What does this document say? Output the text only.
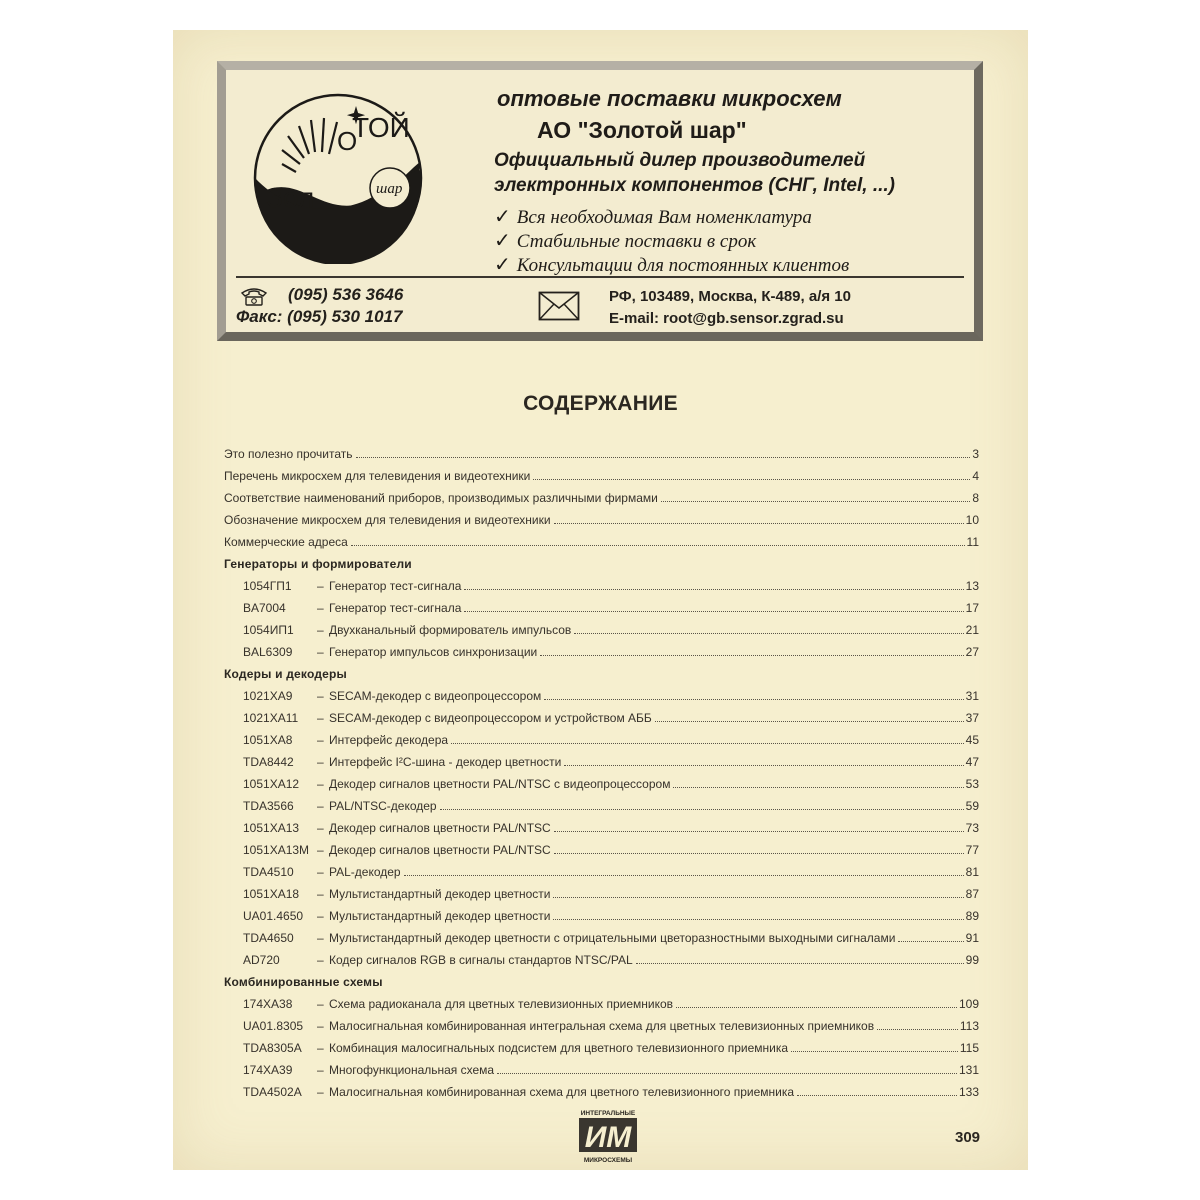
О
ТОЙ
Зол	шар
оптовые поставки микросхем
АО "Золотой шар"
Официальный дилер производителей
электронных компонентов (СНГ, Intel, ...)
✓ Вся необходимая Вам номенклатура
✓ Стабильные поставки в срок
✓ Консультации для постоянных клиентов
(095) 536 3646
Факс: (095) 530 1017
РФ, 103489, Москва, К-489, а/я 10
E-mail: root@gb.sensor.zgrad.su
СОДЕРЖАНИЕ
Это полезно прочитать	3
Перечень микросхем для телевидения и видеотехники	4
Соответствие наименований приборов, производимых различными фирмами	8
Обозначение микросхем для телевидения и видеотехники	10
Коммерческие адреса	11
Генераторы и формирователи
1054ГП1	– Генератор тест-сигнала	13
BA7004	– Генератор тест-сигнала	17
1054ИП1	– Двухканальный формирователь импульсов	21
BAL6309	– Генератор импульсов синхронизации	27
Кодеры и декодеры
1021ХА9	– SECAM-декодер с видеопроцессором	31
1021ХА11	– SECAM-декодер с видеопроцессором и устройством АББ	37
1051ХА8	– Интерфейс декодера	45
TDA8442	– Интерфейс I²C-шина - декодер цветности	47
1051ХА12	– Декодер сигналов цветности PAL/NTSC с видеопроцессором	53
TDA3566	– PAL/NTSC-декодер	59
1051ХА13	– Декодер сигналов цветности PAL/NTSC	73
1051ХА13М – Декодер сигналов цветности PAL/NTSC	77
TDA4510	– PAL-декодер	81
1051ХА18	– Мультистандартный декодер цветности	87
UA01.4650	– Мультистандартный декодер цветности	89
TDA4650	– Мультистандартный декодер цветности с отрицательными цветоразностными выходными сигналами	91
AD720	– Кодер сигналов RGB в сигналы стандартов NTSC/PAL	99
Комбинированные схемы
174ХА38	– Схема радиоканала для цветных телевизионных приемников	109
UA01.8305	– Малосигнальная комбинированная интегральная схема для цветных телевизионных приемников	113
TDA8305A	– Комбинация малосигнальных подсистем для цветного телевизионного приемника	115
174ХА39	– Многофункциональная схема	131
TDA4502A	– Малосигнальная комбинированная схема для цветного телевизионного приемника	133
ИНТЕГРАЛЬНЫЕ
ИМ
МИКРОСХЕМЫ
309
